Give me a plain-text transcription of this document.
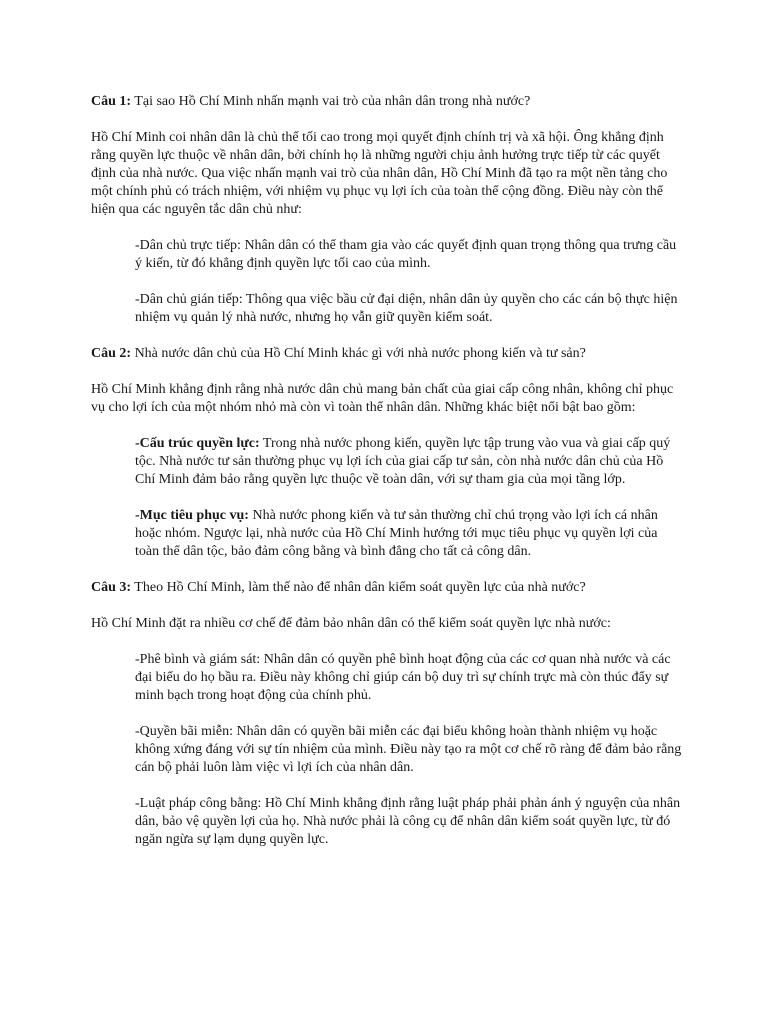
Câu 1: Tại sao Hồ Chí Minh nhấn mạnh vai trò của nhân dân trong nhà nước?

Hồ Chí Minh coi nhân dân là chủ thể tối cao trong mọi quyết định chính trị và xã hội. Ông khẳng định rằng quyền lực thuộc về nhân dân, bởi chính họ là những người chịu ảnh hưởng trực tiếp từ các quyết định của nhà nước. Qua việc nhấn mạnh vai trò của nhân dân, Hồ Chí Minh đã tạo ra một nền tảng cho một chính phủ có trách nhiệm, với nhiệm vụ phục vụ lợi ích của toàn thể cộng đồng. Điều này còn thể hiện qua các nguyên tắc dân chủ như:

-Dân chủ trực tiếp: Nhân dân có thể tham gia vào các quyết định quan trọng thông qua trưng cầu ý kiến, từ đó khẳng định quyền lực tối cao của mình.

-Dân chủ gián tiếp: Thông qua việc bầu cử đại diện, nhân dân ủy quyền cho các cán bộ thực hiện nhiệm vụ quản lý nhà nước, nhưng họ vẫn giữ quyền kiểm soát.

Câu 2: Nhà nước dân chủ của Hồ Chí Minh khác gì với nhà nước phong kiến và tư sản?

Hồ Chí Minh khẳng định rằng nhà nước dân chủ mang bản chất của giai cấp công nhân, không chỉ phục vụ cho lợi ích của một nhóm nhỏ mà còn vì toàn thể nhân dân. Những khác biệt nổi bật bao gồm:

-Cấu trúc quyền lực: Trong nhà nước phong kiến, quyền lực tập trung vào vua và giai cấp quý tộc. Nhà nước tư sản thường phục vụ lợi ích của giai cấp tư sản, còn nhà nước dân chủ của Hồ Chí Minh đảm bảo rằng quyền lực thuộc về toàn dân, với sự tham gia của mọi tầng lớp.

-Mục tiêu phục vụ: Nhà nước phong kiến và tư sản thường chỉ chú trọng vào lợi ích cá nhân hoặc nhóm. Ngược lại, nhà nước của Hồ Chí Minh hướng tới mục tiêu phục vụ quyền lợi của toàn thể dân tộc, bảo đảm công bằng và bình đẳng cho tất cả công dân.

Câu 3: Theo Hồ Chí Minh, làm thế nào để nhân dân kiểm soát quyền lực của nhà nước?

Hồ Chí Minh đặt ra nhiều cơ chế để đảm bảo nhân dân có thể kiểm soát quyền lực nhà nước:

-Phê bình và giám sát: Nhân dân có quyền phê bình hoạt động của các cơ quan nhà nước và các đại biểu do họ bầu ra. Điều này không chỉ giúp cán bộ duy trì sự chính trực mà còn thúc đẩy sự minh bạch trong hoạt động của chính phủ.

-Quyền bãi miễn: Nhân dân có quyền bãi miễn các đại biểu không hoàn thành nhiệm vụ hoặc không xứng đáng với sự tín nhiệm của mình. Điều này tạo ra một cơ chế rõ ràng để đảm bảo rằng cán bộ phải luôn làm việc vì lợi ích của nhân dân.

-Luật pháp công bằng: Hồ Chí Minh khẳng định rằng luật pháp phải phản ánh ý nguyện của nhân dân, bảo vệ quyền lợi của họ. Nhà nước phải là công cụ để nhân dân kiểm soát quyền lực, từ đó ngăn ngừa sự lạm dụng quyền lực.
